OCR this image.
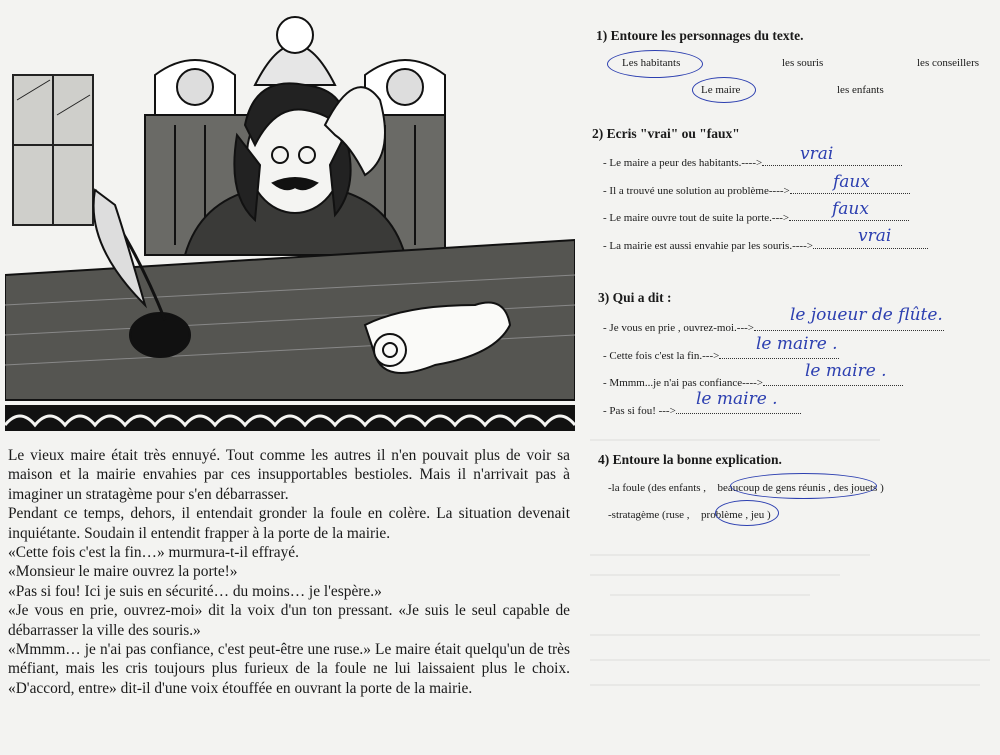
Le vieux maire était très ennuyé. Tout comme les autres il n'en pouvait plus de voir sa maison et la mairie envahies par ces insupportables bestioles. Mais il n'arrivait pas à imaginer un stratagème pour s'en débarrasser.

Pendant ce temps, dehors, il entendait gronder la foule en colère. La situation devenait inquiétante. Soudain il entendit frapper à la porte de la mairie.

«Cette fois c'est la fin…» murmura-t-il effrayé.

«Monsieur le maire ouvrez la porte!»

«Pas si fou! Ici je suis en sécurité… du moins… je l'espère.»

«Je vous en prie, ouvrez-moi» dit la voix d'un ton pressant. «Je suis le seul capable de débarrasser la ville des souris.»

«Mmmm… je n'ai pas confiance, c'est peut-être une ruse.» Le maire était quelqu'un de très méfiant, mais les cris toujours plus furieux de la foule ne lui laissaient plus le choix. «D'accord, entre» dit-il d'une voix étouffée en ouvrant la porte de la mairie.

1) Entoure les personnages du texte.
Les habitants	les souris	les conseillers
Le maire	les enfants
2) Ecris "vrai" ou "faux"
- Le maire a peur des habitants.---->	vrai
- Il a trouvé une solution au problème---->	faux
- Le maire ouvre tout de suite la porte.--->	faux
- La mairie est aussi envahie par les souris.---->	vrai
3) Qui a dit :
- Je vous en prie , ouvrez-moi.--->
le joueur de flûte.
- Cette fois c'est la fin.--->
le maire .
- Mmmm...je n'ai pas confiance---->
le maire .
- Pas si fou! --->
le maire .
4) Entoure la bonne explication.
-la foule (des enfants , beaucoup de gens réunis , des jouets )
-stratagème (ruse , problème , jeu )
